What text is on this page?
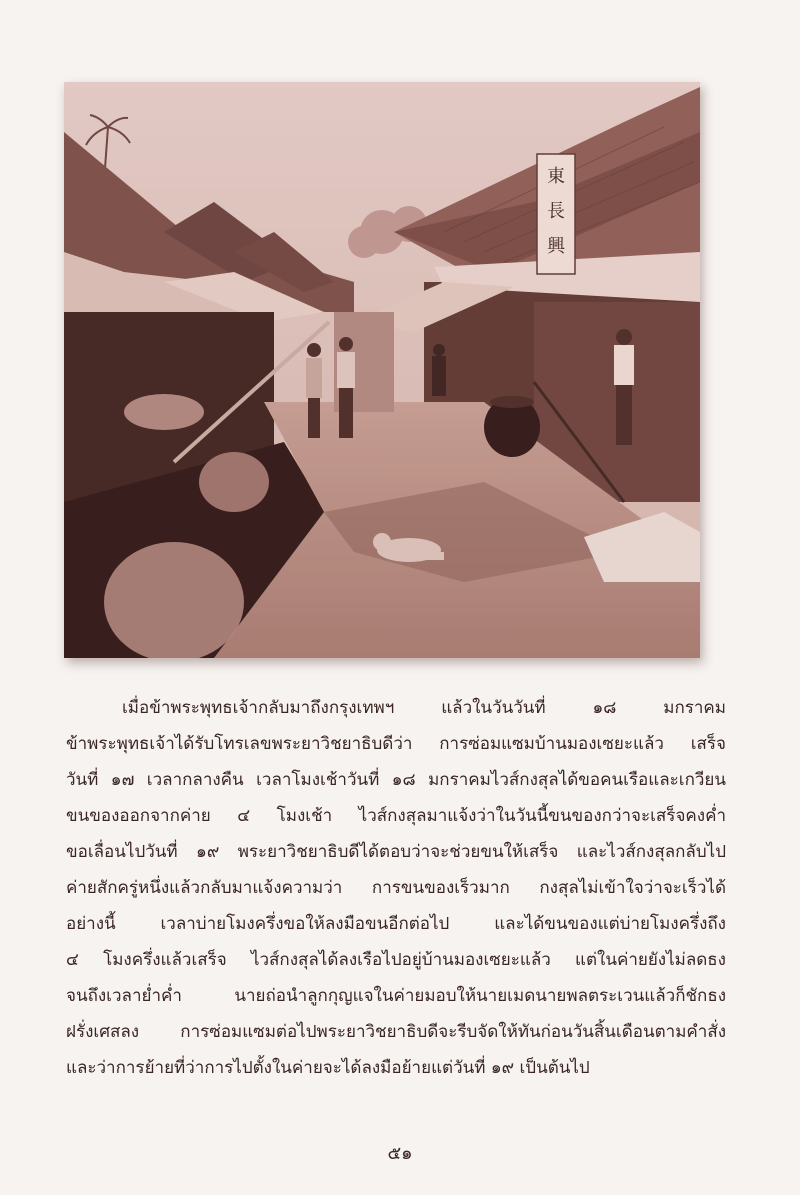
東
長
興
เมื่อข้าพระพุทธเจ้ากลับมาถึงกรุงเทพฯ แล้วในวันวันที่ ๑๘ มกราคม
ข้าพระพุทธเจ้าได้รับโทรเลขพระยาวิชยาธิบดีว่า การซ่อมแซมบ้านมองเซยะแล้ว เสร็จ
วันที่ ๑๗ เวลากลางคืน เวลาโมงเช้าวันที่ ๑๘ มกราคมไวส์กงสุลได้ขอคนเรือและเกวียน
ขนของออกจากค่าย ๔ โมงเช้า ไวส์กงสุลมาแจ้งว่าในวันนี้ขนของกว่าจะเสร็จคงค่ำ
ขอเลื่อนไปวันที่ ๑๙ พระยาวิชยาธิบดีได้ตอบว่าจะช่วยขนให้เสร็จ และไวส์กงสุลกลับไป
ค่ายสักครู่หนึ่งแล้วกลับมาแจ้งความว่า การขนของเร็วมาก กงสุลไม่เข้าใจว่าจะเร็วได้
อย่างนี้ เวลาบ่ายโมงครึ่งขอให้ลงมือขนอีกต่อไป และได้ขนของแต่บ่ายโมงครึ่งถึง
๔ โมงครึ่งแล้วเสร็จ ไวส์กงสุลได้ลงเรือไปอยู่บ้านมองเซยะแล้ว แต่ในค่ายยังไม่ลดธง
จนถึงเวลาย่ำค่ำ นายถ่อนำลูกกุญแจในค่ายมอบให้นายเมดนายพลตระเวนแล้วก็ชักธง
ฝรั่งเศสลง การซ่อมแซมต่อไปพระยาวิชยาธิบดีจะรีบจัดให้ทันก่อนวันสิ้นเดือนตามคำสั่ง
และว่าการย้ายที่ว่าการไปตั้งในค่ายจะได้ลงมือย้ายแต่วันที่ ๑๙ เป็นต้นไป
๕๑
